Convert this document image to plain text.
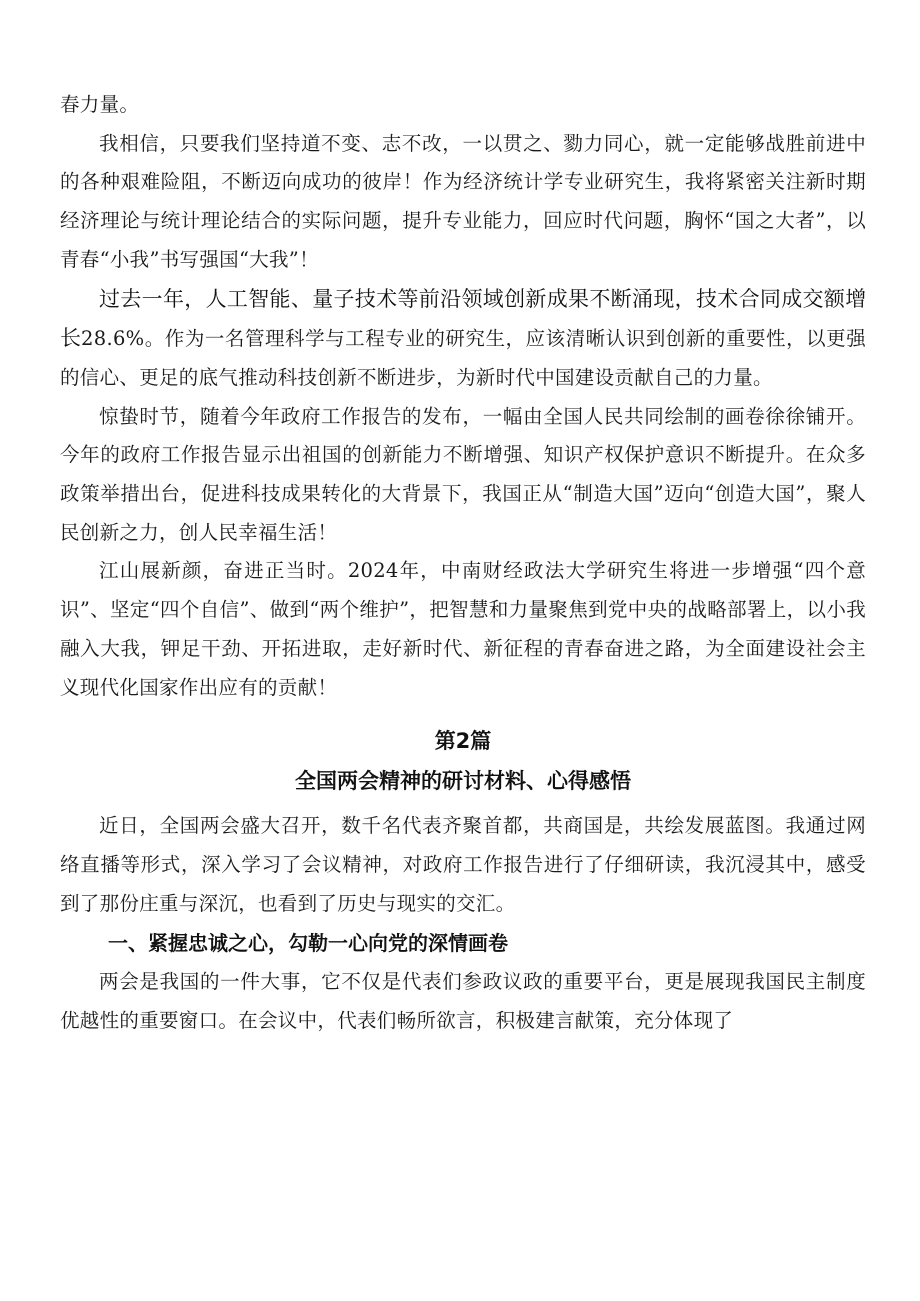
春力量。

我相信，只要我们坚持道不变、志不改，一以贯之、勠力同心，就一定能够战胜前进中的各种艰难险阻，不断迈向成功的彼岸！作为经济统计学专业研究生，我将紧密关注新时期经济理论与统计理论结合的实际问题，提升专业能力，回应时代问题，胸怀“国之大者”，以青春“小我”书写强国“大我”！

过去一年，人工智能、量子技术等前沿领域创新成果不断涌现，技术合同成交额增长28.6%。作为一名管理科学与工程专业的研究生，应该清晰认识到创新的重要性，以更强的信心、更足的底气推动科技创新不断进步，为新时代中国建设贡献自己的力量。

惊蛰时节，随着今年政府工作报告的发布，一幅由全国人民共同绘制的画卷徐徐铺开。今年的政府工作报告显示出祖国的创新能力不断增强、知识产权保护意识不断提升。在众多政策举措出台，促进科技成果转化的大背景下，我国正从“制造大国”迈向“创造大国”，聚人民创新之力，创人民幸福生活！

江山展新颜，奋进正当时。2024年，中南财经政法大学研究生将进一步增强“四个意识”、坚定“四个自信”、做到“两个维护”，把智慧和力量聚焦到党中央的战略部署上，以小我融入大我，钾足干劲、开拓进取，走好新时代、新征程的青春奋进之路，为全面建设社会主义现代化国家作出应有的贡献！

第2篇
全国两会精神的研讨材料、心得感悟

近日，全国两会盛大召开，数千名代表齐聚首都，共商国是，共绘发展蓝图。我通过网络直播等形式，深入学习了会议精神，对政府工作报告进行了仔细研读，我沉浸其中，感受到了那份庄重与深沉，也看到了历史与现实的交汇。

一、紧握忠诚之心，勾勒一心向党的深情画卷

两会是我国的一件大事，它不仅是代表们参政议政的重要平台，更是展现我国民主制度优越性的重要窗口。在会议中，代表们畅所欲言，积极建言献策，充分体现了
